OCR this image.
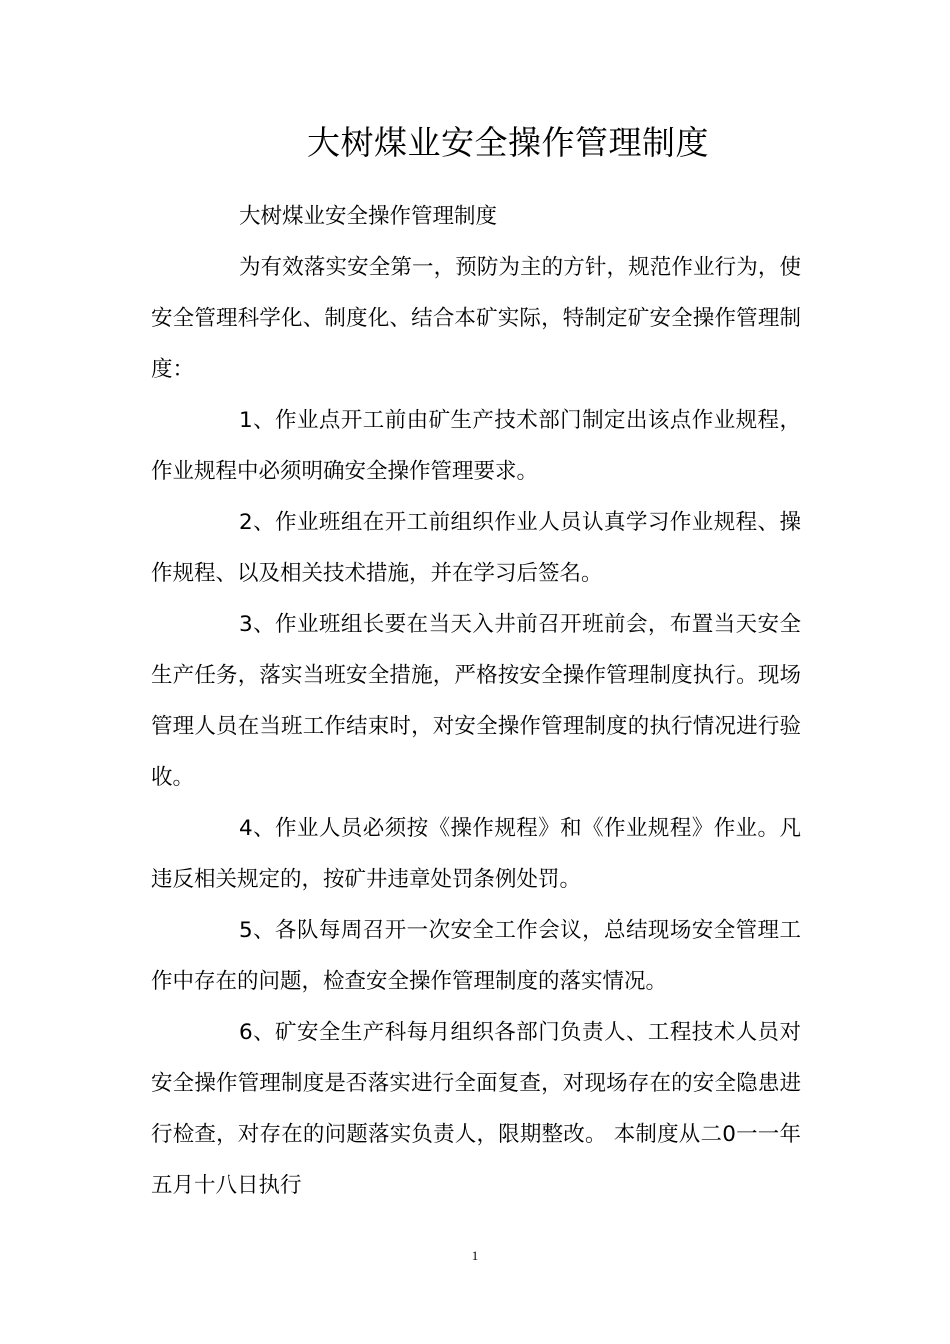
大树煤业安全操作管理制度

大树煤业安全操作管理制度

为有效落实安全第一，预防为主的方针，规范作业行为，使安全管理科学化、制度化、结合本矿实际，特制定矿安全操作管理制度：

1、作业点开工前由矿生产技术部门制定出该点作业规程，作业规程中必须明确安全操作管理要求。

2、作业班组在开工前组织作业人员认真学习作业规程、操作规程、以及相关技术措施，并在学习后签名。

3、作业班组长要在当天入井前召开班前会，布置当天安全生产任务，落实当班安全措施，严格按安全操作管理制度执行。现场管理人员在当班工作结束时，对安全操作管理制度的执行情况进行验收。

4、作业人员必须按《操作规程》和《作业规程》作业。凡违反相关规定的，按矿井违章处罚条例处罚。

5、各队每周召开一次安全工作会议，总结现场安全管理工作中存在的问题，检查安全操作管理制度的落实情况。

6、矿安全生产科每月组织各部门负责人、工程技术人员对安全操作管理制度是否落实进行全面复查，对现场存在的安全隐患进行检查，对存在的问题落实负责人，限期整改。 本制度从二0一一年五月十八日执行

1
